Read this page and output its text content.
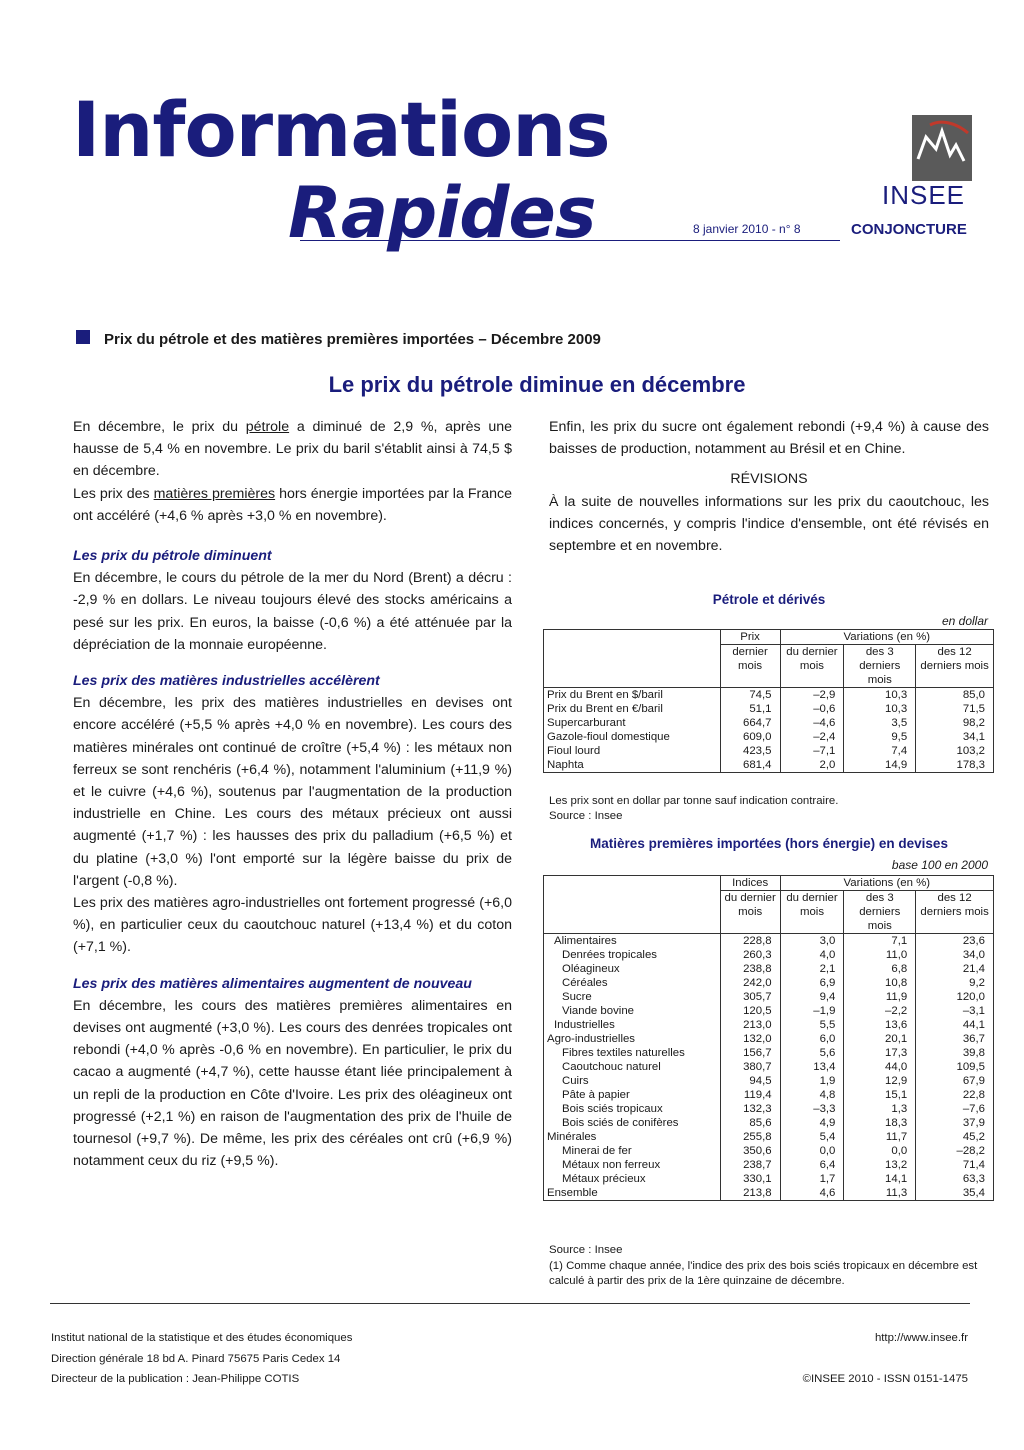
Informations
Rapides	8 janvier 2010 - n° 8	CONJONCTURE
INSEE
Prix du pétrole et des matières premières importées – Décembre 2009
Le prix du pétrole diminue en décembre

En décembre, le prix du pétrole a diminué de 2,9 %, après une hausse de 5,4 % en novembre. Le prix du baril s'établit ainsi à 74,5 $ en décembre.

Les prix des matières premières hors énergie importées par la France ont accéléré (+4,6 % après +3,0 % en novembre).

Les prix du pétrole diminuent

En décembre, le cours du pétrole de la mer du Nord (Brent) a décru : -2,9 % en dollars. Le niveau toujours élevé des stocks américains a pesé sur les prix. En euros, la baisse (-0,6 %) a été atténuée par la dépréciation de la monnaie européenne.

Les prix des matières industrielles accélèrent

En décembre, les prix des matières industrielles en devises ont encore accéléré (+5,5 % après +4,0 % en novembre). Les cours des matières minérales ont continué de croître (+5,4 %) : les métaux non ferreux se sont renchéris (+6,4 %), notamment l'aluminium (+11,9 %) et le cuivre (+4,6 %), soutenus par l'augmentation de la production industrielle en Chine. Les cours des métaux précieux ont aussi augmenté (+1,7 %) : les hausses des prix du palladium (+6,5 %) et du platine (+3,0 %) l'ont emporté sur la légère baisse du prix de l'argent (-0,8 %).

Les prix des matières agro-industrielles ont fortement progressé (+6,0 %), en particulier ceux du caoutchouc naturel (+13,4 %) et du coton (+7,1 %).

Les prix des matières alimentaires augmentent de nouveau

En décembre, les cours des matières premières alimentaires en devises ont augmenté (+3,0 %). Les cours des denrées tropicales ont rebondi (+4,0 % après -0,6 % en novembre). En particulier, le prix du cacao a augmenté (+4,7 %), cette hausse étant liée principalement à un repli de la production en Côte d'Ivoire. Les prix des oléagineux ont progressé (+2,1 %) en raison de l'augmentation des prix de l'huile de tournesol (+9,7 %). De même, les prix des céréales ont crû (+6,9 %) notamment ceux du riz (+9,5 %).

Enfin, les prix du sucre ont également rebondi (+9,4 %) à cause des baisses de production, notamment au Brésil et en Chine.

RÉVISIONS

À la suite de nouvelles informations sur les prix du caoutchouc, les indices concernés, y compris l'indice d'ensemble, ont été révisés en septembre et en novembre.

Pétrole et dérivés
en dollar
	Prix	Variations (en %)		
	dernier mois	du dernier mois	des 3 derniers mois	des 12 derniers mois
Prix du Brent en $/baril	74,5	–2,9	10,3	85,0
Prix du Brent en €/baril	51,1	–0,6	10,3	71,5
Supercarburant	664,7	–4,6	3,5	98,2
Gazole-fioul domestique	609,0	–2,4	9,5	34,1
Fioul lourd	423,5	–7,1	7,4	103,2
Naphta	681,4	2,0	14,9	178,3
Les prix sont en dollar par tonne sauf indication contraire.
Source : Insee
Matières premières importées (hors énergie) en devises
base 100 en 2000
	Indices	Variations (en %)		
	du dernier mois	du dernier mois	des 3 derniers mois	des 12 derniers mois
Alimentaires	228,8	3,0	7,1	23,6
Denrées tropicales	260,3	4,0	11,0	34,0
Oléagineux	238,8	2,1	6,8	21,4
Céréales	242,0	6,9	10,8	9,2
Sucre	305,7	9,4	11,9	120,0
Viande bovine	120,5	–1,9	–2,2	–3,1
Industrielles	213,0	5,5	13,6	44,1
Agro-industrielles	132,0	6,0	20,1	36,7
Fibres textiles naturelles	156,7	5,6	17,3	39,8
Caoutchouc naturel	380,7	13,4	44,0	109,5
Cuirs	94,5	1,9	12,9	67,9
Pâte à papier	119,4	4,8	15,1	22,8
Bois sciés tropicaux	132,3	–3,3	1,3	–7,6
Bois sciés de conifères	85,6	4,9	18,3	37,9
Minérales	255,8	5,4	11,7	45,2
Minerai de fer	350,6	0,0	0,0	–28,2
Métaux non ferreux	238,7	6,4	13,2	71,4
Métaux précieux	330,1	1,7	14,1	63,3
Ensemble	213,8	4,6	11,3	35,4
Source : Insee
(1) Comme chaque année, l'indice des prix des bois sciés tropicaux en décembre est calculé à partir des prix de la 1ère quinzaine de décembre.
Institut national de la statistique et des études économiques
Direction générale 18 bd A. Pinard 75675 Paris Cedex 14
Directeur de la publication : Jean-Philippe COTIS
http://www.insee.fr
©INSEE 2010 - ISSN 0151-1475
